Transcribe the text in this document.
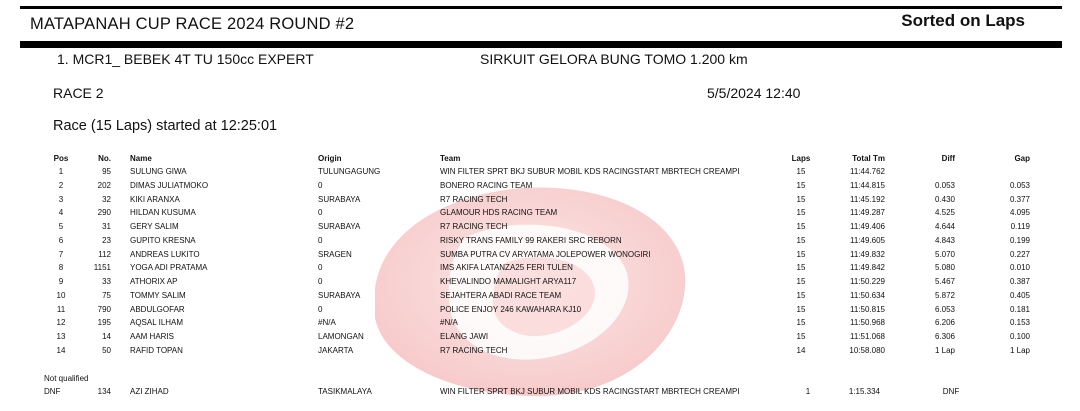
MATAPANAH CUP RACE 2024 ROUND #2	Sorted on Laps
1. MCR1_ BEBEK 4T TU 150cc EXPERT	SIRKUIT GELORA BUNG TOMO 1.200 km
RACE 2	5/5/2024 12:40
Race (15 Laps) started at 12:25:01
Pos	No. Name	Origin	Team	Laps	Total Tm	Diff	Gap
1	95 SULUNG GIWA	TULUNGAGUNG	WIN FILTER SPRT BKJ SUBUR MOBIL KDS RACINGSTART MBRTECH CREAMPI	15	11:44.762
2	202 DIMAS JULIATMOKO	0	BONERO RACING TEAM	15	11:44.815	0.053	0.053
3	32 KIKI ARANXA	SURABAYA	R7 RACING TECH	15	11:45.192	0.430	0.377
4	290 HILDAN KUSUMA	0	GLAMOUR HDS RACING TEAM	15	11:49.287	4.525	4.095
5	31 GERY SALIM	SURABAYA	R7 RACING TECH	15	11:49.406	4.644	0.119
6	23 GUPITO KRESNA	0	RISKY TRANS FAMILY 99 RAKERI SRC REBORN	15	11:49.605	4.843	0.199
7	112 ANDREAS LUKITO	SRAGEN	SUMBA PUTRA CV ARYATAMA JOLEPOWER WONOGIRI	15	11:49.832	5.070	0.227
8	1151 YOGA ADI PRATAMA	0	IMS AKIFA LATANZA25 FERI TULEN	15	11:49.842	5.080	0.010
9	33 ATHORIX AP	0	KHEVALINDO MAMALIGHT ARYA117	15	11:50.229	5.467	0.387
10	75 TOMMY SALIM	SURABAYA	SEJAHTERA ABADI RACE TEAM	15	11:50.634	5.872	0.405
11	790 ABDULGOFAR	0	POLICE ENJOY 246 KAWAHARA KJ10	15	11:50.815	6.053	0.181
12	195 AQSAL ILHAM	#N/A	#N/A	15	11:50.968	6.206	0.153
13	14 AAM HARIS	LAMONGAN	ELANG JAWI	15	11:51.068	6.306	0.100
14	50 RAFID TOPAN	JAKARTA	R7 RACING TECH	14	10:58.080	1 Lap	1 Lap
Not qualified
DNF	134 AZI ZIHAD	TASIKMALAYA	WIN FILTER SPRT BKJ SUBUR MOBIL KDS RACINGSTART MBRTECH CREAMPI	1	1:15.334	DNF
